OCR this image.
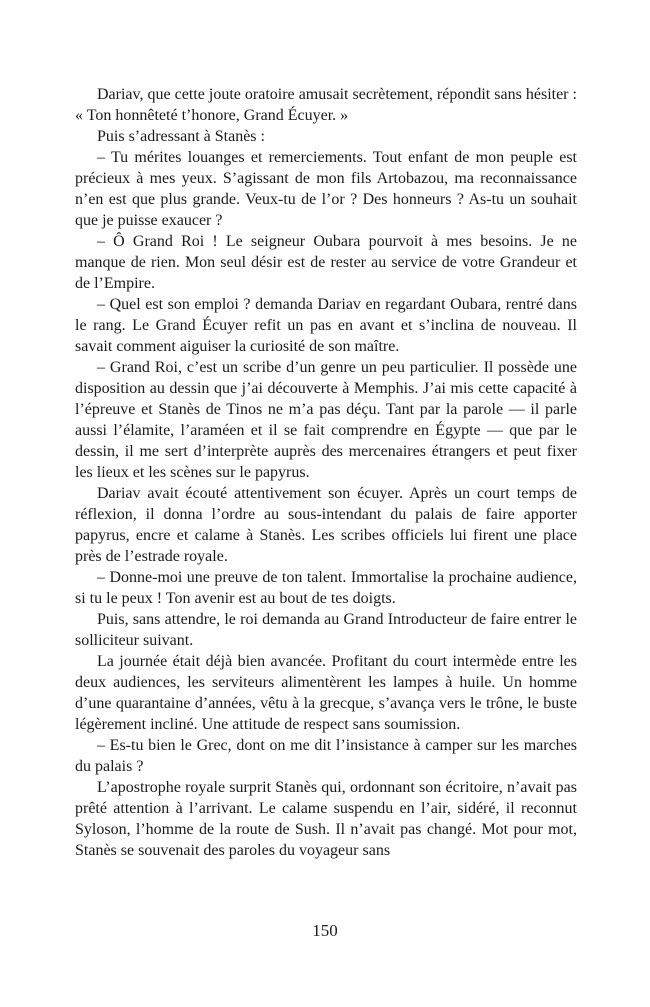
Dariav, que cette joute oratoire amusait secrètement, répondit sans hésiter : « Ton honnêteté t’honore, Grand Écuyer. »

Puis s’adressant à Stanès :

– Tu mérites louanges et remerciements. Tout enfant de mon peuple est précieux à mes yeux. S’agissant de mon fils Artobazou, ma reconnaissance n’en est que plus grande. Veux-tu de l’or ? Des honneurs ? As-tu un souhait que je puisse exaucer ?

– Ô Grand Roi ! Le seigneur Oubara pourvoit à mes besoins. Je ne manque de rien. Mon seul désir est de rester au service de votre Grandeur et de l’Empire.

– Quel est son emploi ? demanda Dariav en regardant Oubara, rentré dans le rang. Le Grand Écuyer refit un pas en avant et s’inclina de nouveau. Il savait comment aiguiser la curiosité de son maître.

– Grand Roi, c’est un scribe d’un genre un peu particulier. Il possède une disposition au dessin que j’ai découverte à Memphis. J’ai mis cette capacité à l’épreuve et Stanès de Tinos ne m’a pas déçu. Tant par la parole — il parle aussi l’élamite, l’araméen et il se fait comprendre en Égypte — que par le dessin, il me sert d’interprète auprès des mercenaires étrangers et peut fixer les lieux et les scènes sur le papyrus.

Dariav avait écouté attentivement son écuyer. Après un court temps de réflexion, il donna l’ordre au sous-intendant du palais de faire apporter papyrus, encre et calame à Stanès. Les scribes officiels lui firent une place près de l’estrade royale.

– Donne-moi une preuve de ton talent. Immortalise la prochaine audience, si tu le peux ! Ton avenir est au bout de tes doigts.

Puis, sans attendre, le roi demanda au Grand Introducteur de faire entrer le solliciteur suivant.

La journée était déjà bien avancée. Profitant du court intermède entre les deux audiences, les serviteurs alimentèrent les lampes à huile. Un homme d’une quarantaine d’années, vêtu à la grecque, s’avança vers le trône, le buste légèrement incliné. Une attitude de respect sans soumission.

– Es-tu bien le Grec, dont on me dit l’insistance à camper sur les marches du palais ?

L’apostrophe royale surprit Stanès qui, ordonnant son écritoire, n’avait pas prêté attention à l’arrivant. Le calame suspendu en l’air, sidéré, il reconnut Syloson, l’homme de la route de Sush. Il n’avait pas changé. Mot pour mot, Stanès se souvenait des paroles du voyageur sans

150
